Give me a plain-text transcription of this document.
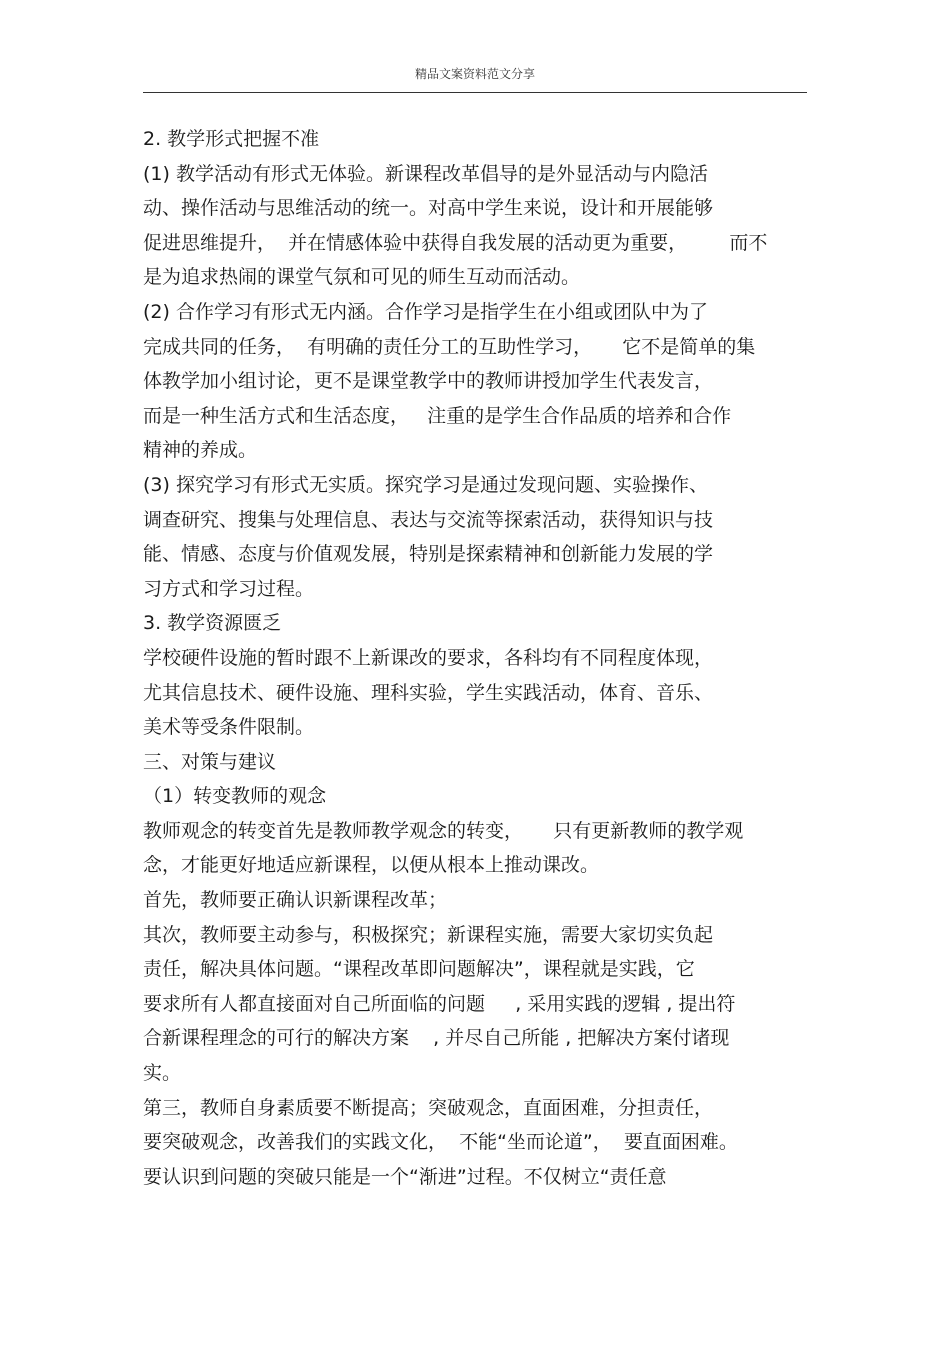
精品文案资料范文分享
2. 教学形式把握不准
(1) 教学活动有形式无体验。新课程改革倡导的是外显活动与内隐活
动、操作活动与思维活动的统一。对高中学生来说，设计和开展能够
促进思维提升，  并在情感体验中获得自我发展的活动更为重要，       而不
是为追求热闹的课堂气氛和可见的师生互动而活动。
(2) 合作学习有形式无内涵。合作学习是指学生在小组或团队中为了
完成共同的任务，  有明确的责任分工的互助性学习，     它不是简单的集
体教学加小组讨论，更不是课堂教学中的教师讲授加学生代表发言，
而是一种生活方式和生活态度，   注重的是学生合作品质的培养和合作
精神的养成。
(3) 探究学习有形式无实质。探究学习是通过发现问题、实验操作、
调查研究、搜集与处理信息、表达与交流等探索活动，获得知识与技
能、情感、态度与价值观发展，特别是探索精神和创新能力发展的学
习方式和学习过程。
3. 教学资源匮乏
学校硬件设施的暂时跟不上新课改的要求，各科均有不同程度体现，
尤其信息技术、硬件设施、理科实验，学生实践活动，体育、音乐、
美术等受条件限制。
三、对策与建议
（1）转变教师的观念
教师观念的转变首先是教师教学观念的转变，     只有更新教师的教学观
念，才能更好地适应新课程，以便从根本上推动课改。
首先，教师要正确认识新课程改革；
其次，教师要主动参与，积极探究；新课程实施，需要大家切实负起
责任，解决具体问题。“课程改革即问题解决”，课程就是实践，它
要求所有人都直接面对自己所面临的问题     , 采用实践的逻辑 , 提出符
合新课程理念的可行的解决方案    , 并尽自己所能 , 把解决方案付诸现
实。
第三，教师自身素质要不断提高；突破观念，直面困难，分担责任，
要突破观念，改善我们的实践文化，  不能“坐而论道”，  要直面困难。
要认识到问题的突破只能是一个“渐进”过程。不仅树立“责任意
